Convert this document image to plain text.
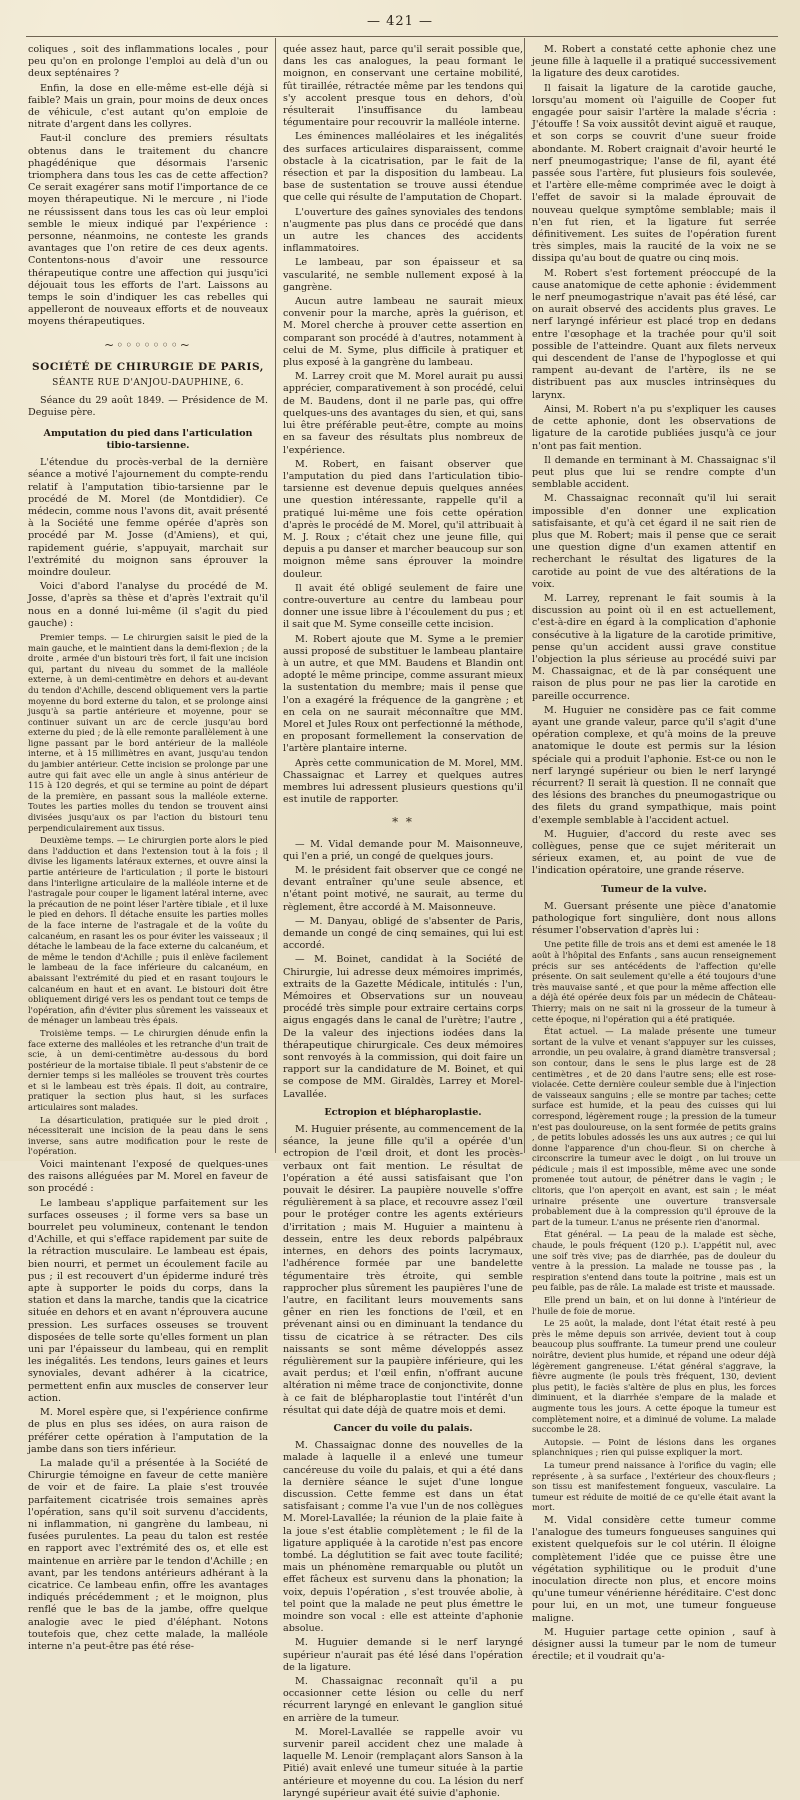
— 421 —

coliques , soit des inflammations locales , pour peu qu'on en prolonge l'emploi au delà d'un ou deux septénaires ?

Enfin, la dose en elle-même est-elle déjà si faible? Mais un grain, pour moins de deux onces de véhicule, c'est autant qu'on emploie de nitrate d'argent dans les collyres.

Faut-il conclure des premiers résultats obtenus dans le traitement du chancre phagédénique que désormais l'arsenic triomphera dans tous les cas de cette affection? Ce serait exagérer sans motif l'importance de ce moyen thérapeutique. Ni le mercure , ni l'iode ne réussissent dans tous les cas où leur emploi semble le mieux indiqué par l'expérience : personne, néanmoins, ne conteste les grands avantages que l'on retire de ces deux agents. Contentons-nous d'avoir une ressource thérapeutique contre une affection qui jusqu'ici déjouait tous les efforts de l'art. Laissons au temps le soin d'indiquer les cas rebelles qui appelleront de nouveaux efforts et de nouveaux moyens thérapeutiques.

~◦◦◦◦◦◦◦~
SOCIÉTÉ DE CHIRURGIE DE PARIS,
SÉANTE RUE D'ANJOU-DAUPHINE, 6.

Séance du 29 août 1849. — Présidence de M. Deguise père.

Amputation du pied dans l'articulation tibio-tarsienne.

L'étendue du procès-verbal de la dernière séance a motivé l'ajournement du compte-rendu relatif à l'amputation tibio-tarsienne par le procédé de M. Morel (de Montdidier). Ce médecin, comme nous l'avons dit, avait présenté à la Société une femme opérée d'après son procédé par M. Josse (d'Amiens), et qui, rapidement guérie, s'appuyait, marchait sur l'extrémité du moignon sans éprouver la moindre douleur.

Voici d'abord l'analyse du procédé de M. Josse, d'après sa thèse et d'après l'extrait qu'il nous en a donné lui-même (il s'agit du pied gauche) :

Premier temps. — Le chirurgien saisit le pied de la main gauche, et le maintient dans la demi-flexion ; de la droite , armée d'un bistouri très fort, il fait une incision qui, partant du niveau du sommet de la malléole externe, à un demi-centimètre en dehors et au-devant du tendon d'Achille, descend obliquement vers la partie moyenne du bord externe du talon, et se prolonge ainsi jusqu'à sa partie antérieure et moyenne, pour se continuer suivant un arc de cercle jusqu'au bord externe du pied ; de là elle remonte parallèlement à une ligne passant par le bord antérieur de la malléole interne, et à 15 millimètres en avant, jusqu'au tendon du jambier antérieur. Cette incision se prolonge par une autre qui fait avec elle un angle à sinus antérieur de 115 à 120 degrés, et qui se termine au point de départ de la première, en passant sous la malléole externe. Toutes les parties molles du tendon se trouvent ainsi divisées jusqu'aux os par l'action du bistouri tenu perpendiculairement aux tissus.

Deuxième temps. — Le chirurgien porte alors le pied dans l'adduction et dans l'extension tout à la fois ; il divise les ligaments latéraux externes, et ouvre ainsi la partie antérieure de l'articulation ; il porte le bistouri dans l'interligne articulaire de la malléole interne et de l'astragale pour couper le ligament latéral interne, avec la précaution de ne point léser l'artère tibiale , et il luxe le pied en dehors. Il détache ensuite les parties molles de la face interne de l'astragale et de la voûte du calcanéum, en rasant les os pour éviter les vaisseaux ; il détache le lambeau de la face externe du calcanéum, et de même le tendon d'Achille ; puis il enlève facilement le lambeau de la face inférieure du calcanéum, en abaissant l'extrémité du pied et en rasant toujours le calcanéum en haut et en avant. Le bistouri doit être obliquement dirigé vers les os pendant tout ce temps de l'opération, afin d'éviter plus sûrement les vaisseaux et de ménager un lambeau très épais.

Troisième temps. — Le chirurgien dénude enfin la face externe des malléoles et les retranche d'un trait de scie, à un demi-centimètre au-dessous du bord postérieur de la mortaise tibiale. Il peut s'abstenir de ce dernier temps si les malléoles se trouvent très courtes et si le lambeau est très épais. Il doit, au contraire, pratiquer la section plus haut, si les surfaces articulaires sont malades.

La désarticulation, pratiquée sur le pied droit , nécessiterait une incision de la peau dans le sens inverse, sans autre modification pour le reste de l'opération.

Voici maintenant l'exposé de quelques-unes des raisons alléguées par M. Morel en faveur de son procédé :

Le lambeau s'applique parfaitement sur les surfaces osseuses ; il forme vers sa base un bourrelet peu volumineux, contenant le tendon d'Achille, et qui s'efface rapidement par suite de la rétraction musculaire. Le lambeau est épais, bien nourri, et permet un écoulement facile au pus ; il est recouvert d'un épiderme induré très apte à supporter le poids du corps, dans la station et dans la marche, tandis que la cicatrice située en dehors et en avant n'éprouvera aucune pression. Les surfaces osseuses se trouvent disposées de telle sorte qu'elles forment un plan uni par l'épaisseur du lambeau, qui en remplit les inégalités. Les tendons, leurs gaines et leurs synoviales, devant adhérer à la cicatrice, permettent enfin aux muscles de conserver leur action.

M. Morel espère que, si l'expérience confirme de plus en plus ses idées, on aura raison de préférer cette opération à l'amputation de la jambe dans son tiers inférieur.

La malade qu'il a présentée à la Société de Chirurgie témoigne en faveur de cette manière de voir et de faire. La plaie s'est trouvée parfaitement cicatrisée trois semaines après l'opération, sans qu'il soit survenu d'accidents, ni inflammation, ni gangrène du lambeau, ni fusées purulentes. La peau du talon est restée en rapport avec l'extrémité des os, et elle est maintenue en arrière par le tendon d'Achille ; en avant, par les tendons antérieurs adhérant à la cicatrice. Ce lambeau enfin, offre les avantages indiqués précédemment ; et le moignon, plus renflé que le bas de la jambe, offre quelque analogie avec le pied d'éléphant. Notons toutefois que, chez cette malade, la malléole interne n'a peut-être pas été rése-

quée assez haut, parce qu'il serait possible que, dans les cas analogues, la peau formant le moignon, en conservant une certaine mobilité, fût tiraillée, rétractée même par les tendons qui s'y accolent presque tous en dehors, d'où résulterait l'insuffisance du lambeau tégumentaire pour recouvrir la malléole interne.

Les éminences malléolaires et les inégalités des surfaces articulaires disparaissent, comme obstacle à la cicatrisation, par le fait de la résection et par la disposition du lambeau. La base de sustentation se trouve aussi étendue que celle qui résulte de l'amputation de Chopart.

L'ouverture des gaînes synoviales des tendons n'augmente pas plus dans ce procédé que dans un autre les chances des accidents inflammatoires.

Le lambeau, par son épaisseur et sa vascularité, ne semble nullement exposé à la gangrène.

Aucun autre lambeau ne saurait mieux convenir pour la marche, après la guérison, et M. Morel cherche à prouver cette assertion en comparant son procédé à d'autres, notamment à celui de M. Syme, plus difficile à pratiquer et plus exposé à la gangrène du lambeau.

M. Larrey croit que M. Morel aurait pu aussi apprécier, comparativement à son procédé, celui de M. Baudens, dont il ne parle pas, qui offre quelques-uns des avantages du sien, et qui, sans lui être préférable peut-être, compte au moins en sa faveur des résultats plus nombreux de l'expérience.

M. Robert, en faisant observer que l'amputation du pied dans l'articulation tibio-tarsienne est devenue depuis quelques années une question intéressante, rappelle qu'il a pratiqué lui-même une fois cette opération d'après le procédé de M. Morel, qu'il attribuait à M. J. Roux ; c'était chez une jeune fille, qui depuis a pu danser et marcher beaucoup sur son moignon même sans éprouver la moindre douleur.

Il avait été obligé seulement de faire une contre-ouverture au centre du lambeau pour donner une issue libre à l'écoulement du pus ; et il sait que M. Syme conseille cette incision.

M. Robert ajoute que M. Syme a le premier aussi proposé de substituer le lambeau plantaire à un autre, et que MM. Baudens et Blandin ont adopté le même principe, comme assurant mieux la sustentation du membre; mais il pense que l'on a exagéré la fréquence de la gangrène ; et en cela on ne saurait méconnaître que MM. Morel et Jules Roux ont perfectionné la méthode, en proposant formellement la conservation de l'artère plantaire interne.

Après cette communication de M. Morel, MM. Chassaignac et Larrey et quelques autres membres lui adressent plusieurs questions qu'il est inutile de rapporter.

* *

— M. Vidal demande pour M. Maisonneuve, qui l'en a prié, un congé de quelques jours.

M. le président fait observer que ce congé ne devant entraîner qu'une seule absence, et n'étant point motivé, ne saurait, au terme du règlement, être accordé à M. Maisonneuve.

— M. Danyau, obligé de s'absenter de Paris, demande un congé de cinq semaines, qui lui est accordé.

— M. Boinet, candidat à la Société de Chirurgie, lui adresse deux mémoires imprimés, extraits de la Gazette Médicale, intitulés : l'un, Mémoires et Observations sur un nouveau procédé très simple pour extraire certains corps aigus engagés dans le canal de l'urètre; l'autre , De la valeur des injections iodées dans la thérapeutique chirurgicale. Ces deux mémoires sont renvoyés à la commission, qui doit faire un rapport sur la candidature de M. Boinet, et qui se compose de MM. Giraldès, Larrey et Morel-Lavallée.

Ectropion et blépharoplastie.

M. Huguier présente, au commencement de la séance, la jeune fille qu'il a opérée d'un ectropion de l'œil droit, et dont les procès-verbaux ont fait mention. Le résultat de l'opération a été aussi satisfaisant que l'on pouvait le désirer. La paupière nouvelle s'offre régulièrement à sa place, et recouvre assez l'œil pour le protéger contre les agents extérieurs d'irritation ; mais M. Huguier a maintenu à dessein, entre les deux rebords palpébraux internes, en dehors des points lacrymaux, l'adhérence formée par une bandelette tégumentaire très étroite, qui semble rapprocher plus sûrement les paupières l'une de l'autre, en facilitant leurs mouvements sans gêner en rien les fonctions de l'œil, et en prévenant ainsi ou en diminuant la tendance du tissu de cicatrice à se rétracter. Des cils naissants se sont même développés assez régulièrement sur la paupière inférieure, qui les avait perdus; et l'œil enfin, n'offrant aucune altération ni même trace de conjonctivite, donne à ce fait de blépharoplastie tout l'intérêt d'un résultat qui date déjà de quatre mois et demi.

Cancer du voile du palais.

M. Chassaignac donne des nouvelles de la malade à laquelle il a enlevé une tumeur cancéreuse du voile du palais, et qui a été dans la dernière séance le sujet d'une longue discussion. Cette femme est dans un état satisfaisant ; comme l'a vue l'un de nos collègues M. Morel-Lavallée; la réunion de la plaie faite à la joue s'est établie complètement ; le fil de la ligature appliquée à la carotide n'est pas encore tombé. La déglutition se fait avec toute facilité; mais un phénomène remarquable ou plutôt un effet fâcheux est survenu dans la phonation; la voix, depuis l'opération , s'est trouvée abolie, à tel point que la malade ne peut plus émettre le moindre son vocal : elle est atteinte d'aphonie absolue.

M. Huguier demande si le nerf laryngé supérieur n'aurait pas été lésé dans l'opération de la ligature.

M. Chassaignac reconnaît qu'il a pu occasionner cette lésion ou celle du nerf récurrent laryngé en enlevant le ganglion situé en arrière de la tumeur.

M. Morel-Lavallée se rappelle avoir vu survenir pareil accident chez une malade à laquelle M. Lenoir (remplaçant alors Sanson à la Pitié) avait enlevé une tumeur située à la partie antérieure et moyenne du cou. La lésion du nerf laryngé supérieur avait été suivie d'aphonie.

M. Robert a constaté cette aphonie chez une jeune fille à laquelle il a pratiqué successivement la ligature des deux carotides.

Il faisait la ligature de la carotide gauche, lorsqu'au moment où l'aiguille de Cooper fut engagée pour saisir l'artère la malade s'écria : J'étouffe ! Sa voix aussitôt devint aiguë et rauque, et son corps se couvrit d'une sueur froide abondante. M. Robert craignait d'avoir heurté le nerf pneumogastrique; l'anse de fil, ayant été passée sous l'artère, fut plusieurs fois soulevée, et l'artère elle-même comprimée avec le doigt à l'effet de savoir si la malade éprouvait de nouveau quelque symptôme semblable; mais il n'en fut rien, et la ligature fut serrée définitivement. Les suites de l'opération furent très simples, mais la raucité de la voix ne se dissipa qu'au bout de quatre ou cinq mois.

M. Robert s'est fortement préoccupé de la cause anatomique de cette aphonie : évidemment le nerf pneumogastrique n'avait pas été lésé, car on aurait observé des accidents plus graves. Le nerf laryngé inférieur est placé trop en dedans entre l'œsophage et la trachée pour qu'il soit possible de l'atteindre. Quant aux filets nerveux qui descendent de l'anse de l'hypoglosse et qui rampent au-devant de l'artère, ils ne se distribuent pas aux muscles intrinsèques du larynx.

Ainsi, M. Robert n'a pu s'expliquer les causes de cette aphonie, dont les observations de ligature de la carotide publiées jusqu'à ce jour n'ont pas fait mention.

Il demande en terminant à M. Chassaignac s'il peut plus que lui se rendre compte d'un semblable accident.

M. Chassaignac reconnaît qu'il lui serait impossible d'en donner une explication satisfaisante, et qu'à cet égard il ne sait rien de plus que M. Robert; mais il pense que ce serait une question digne d'un examen attentif en recherchant le résultat des ligatures de la carotide au point de vue des altérations de la voix.

M. Larrey, reprenant le fait soumis à la discussion au point où il en est actuellement, c'est-à-dire en égard à la complication d'aphonie consécutive à la ligature de la carotide primitive, pense qu'un accident aussi grave constitue l'objection la plus sérieuse au procédé suivi par M. Chassaignac, et de là par conséquent une raison de plus pour ne pas lier la carotide en pareille occurrence.

M. Huguier ne considère pas ce fait comme ayant une grande valeur, parce qu'il s'agit d'une opération complexe, et qu'à moins de la preuve anatomique le doute est permis sur la lésion spéciale qui a produit l'aphonie. Est-ce ou non le nerf laryngé supérieur ou bien le nerf laryngé récurrent? Il serait là question. Il ne connaît que des lésions des branches du pneumogastrique ou des filets du grand sympathique, mais point d'exemple semblable à l'accident actuel.

M. Huguier, d'accord du reste avec ses collègues, pense que ce sujet mériterait un sérieux examen, et, au point de vue de l'indication opératoire, une grande réserve.

Tumeur de la vulve.

M. Guersant présente une pièce d'anatomie pathologique fort singulière, dont nous allons résumer l'observation d'après lui :

Une petite fille de trois ans et demi est amenée le 18 août à l'hôpital des Enfants , sans aucun renseignement précis sur ses antécédents de l'affection qu'elle présente. On sait seulement qu'elle a été toujours d'une très mauvaise santé , et que pour la même affection elle a déjà été opérée deux fois par un médecin de Château-Thierry; mais on ne sait ni la grosseur de la tumeur à cette époque, ni l'opération qui a été pratiquée.

État actuel. — La malade présente une tumeur sortant de la vulve et venant s'appuyer sur les cuisses, arrondie, un peu ovalaire, à grand diamètre transversal ; son contour, dans le sens le plus large est de 28 centimètres , et de 20 dans l'autre sens; elle est rose-violacée. Cette dernière couleur semble due à l'injection de vaisseaux sanguins ; elle se montre par taches; cette surface est humide, et la peau des cuisses qui lui correspond, légèrement rouge ; la pression de la tumeur n'est pas douloureuse, on la sent formée de petits grains , de petits lobules adossés les uns aux autres ; ce qui lui donne l'apparence d'un chou-fleur. Si on cherche à circonscrire la tumeur avec le doigt , on lui trouve un pédicule ; mais il est impossible, même avec une sonde promenée tout autour, de pénétrer dans le vagin ; le clitoris, que l'on aperçoit en avant, est sain ; le méat urinaire présente une ouverture transversale probablement due à la compression qu'il éprouve de la part de la tumeur. L'anus ne présente rien d'anormal.

État général. — La peau de la malade est sèche, chaude, le pouls fréquent (120 p.). L'appétit nul, avec une soif très vive; pas de diarrhée, pas de douleur du ventre à la pression. La malade ne tousse pas , la respiration s'entend dans toute la poitrine , mais est un peu faible, pas de râle. La malade est triste et maussade.

Elle prend un bain, et on lui donne à l'intérieur de l'huile de foie de morue.

Le 25 août, la malade, dont l'état était resté à peu près le même depuis son arrivée, devient tout à coup beaucoup plus souffrante. La tumeur prend une couleur noirâtre, devient plus humide, et répand une odeur déjà légèrement gangreneuse. L'état général s'aggrave, la fièvre augmente (le pouls très fréquent, 130, devient plus petit), le faciès s'altère de plus en plus, les forces diminuent, et la diarrhée s'empare de la malade et augmente tous les jours. A cette époque la tumeur est complètement noire, et a diminué de volume. La malade succombe le 28.

Autopsie. — Point de lésions dans les organes splanchniques ; rien qui puisse expliquer la mort.

La tumeur prend naissance à l'orifice du vagin; elle représente , à sa surface , l'extérieur des choux-fleurs ; son tissu est manifestement fongueux, vasculaire. La tumeur est réduite de moitié de ce qu'elle était avant la mort.

M. Vidal considère cette tumeur comme l'analogue des tumeurs fongueuses sanguines qui existent quelquefois sur le col utérin. Il éloigne complètement l'idée que ce puisse être une végétation syphilitique ou le produit d'une inoculation directe non plus, et encore moins qu'une tumeur vénérienne héréditaire. C'est donc pour lui, en un mot, une tumeur fongueuse maligne.

M. Huguier partage cette opinion , sauf à désigner aussi la tumeur par le nom de tumeur érectile; et il voudrait qu'a-
